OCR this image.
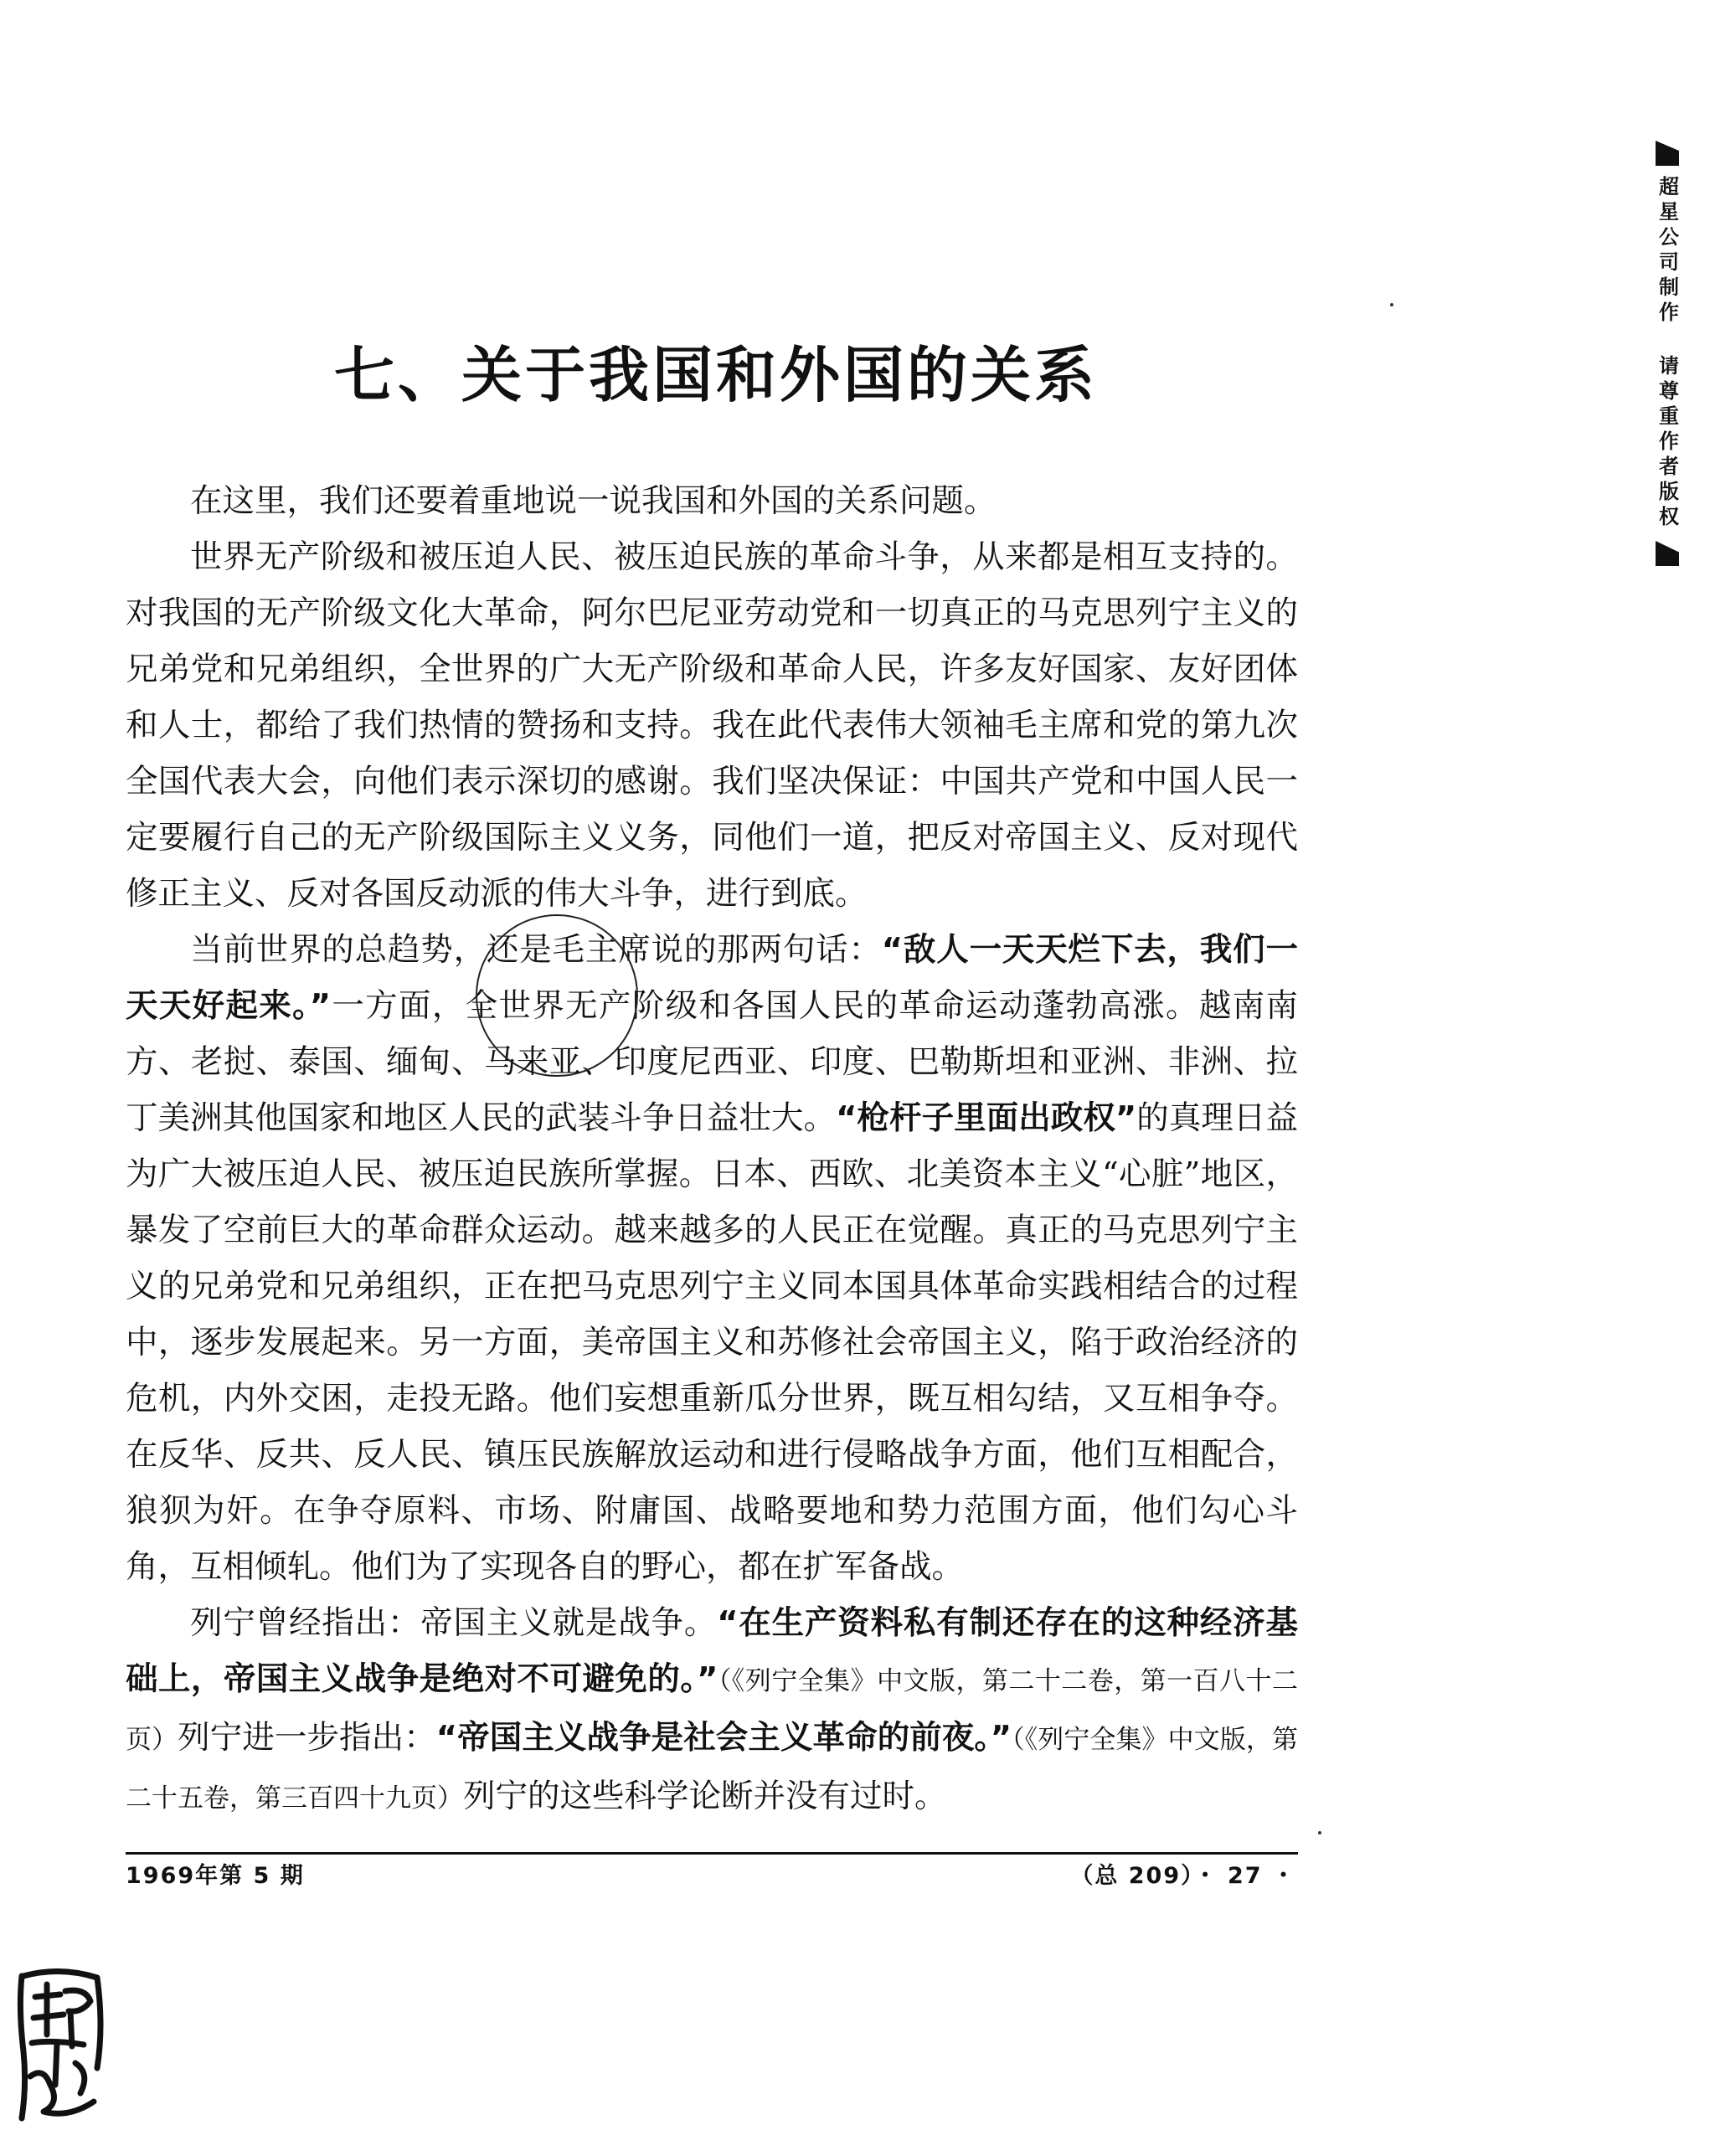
七、关于我国和外国的关系

在这里，我们还要着重地说一说我国和外国的关系问题。

世界无产阶级和被压迫人民、被压迫民族的革命斗争，从来都是相互支持的。对我国的无产阶级文化大革命，阿尔巴尼亚劳动党和一切真正的马克思列宁主义的兄弟党和兄弟组织，全世界的广大无产阶级和革命人民，许多友好国家、友好团体和人士，都给了我们热情的赞扬和支持。我在此代表伟大领袖毛主席和党的第九次全国代表大会，向他们表示深切的感谢。我们坚决保证：中国共产党和中国人民一定要履行自己的无产阶级国际主义义务，同他们一道，把反对帝国主义、反对现代修正主义、反对各国反动派的伟大斗争，进行到底。

当前世界的总趋势，还是毛主席说的那两句话：“敌人一天天烂下去，我们一天天好起来。”一方面，全世界无产阶级和各国人民的革命运动蓬勃高涨。越南南方、老挝、泰国、缅甸、马来亚、印度尼西亚、印度、巴勒斯坦和亚洲、非洲、拉丁美洲其他国家和地区人民的武装斗争日益壮大。“枪杆子里面出政权”的真理日益为广大被压迫人民、被压迫民族所掌握。日本、西欧、北美资本主义“心脏”地区，暴发了空前巨大的革命群众运动。越来越多的人民正在觉醒。真正的马克思列宁主义的兄弟党和兄弟组织，正在把马克思列宁主义同本国具体革命实践相结合的过程中，逐步发展起来。另一方面，美帝国主义和苏修社会帝国主义，陷于政治经济的危机，内外交困，走投无路。他们妄想重新瓜分世界，既互相勾结，又互相争夺。在反华、反共、反人民、镇压民族解放运动和进行侵略战争方面，他们互相配合，狼狈为奸。在争夺原料、市场、附庸国、战略要地和势力范围方面，他们勾心斗角，互相倾轧。他们为了实现各自的野心，都在扩军备战。

列宁曾经指出：帝国主义就是战争。“在生产资料私有制还存在的这种经济基础上，帝国主义战争是绝对不可避免的。”（《列宁全集》中文版，第二十二卷，第一百八十二页）列宁进一步指出：“帝国主义战争是社会主义革命的前夜。”（《列宁全集》中文版，第二十五卷，第三百四十九页）列宁的这些科学论断并没有过时。

1969年第 5 期	（总 209）・ 27 ・
超星公司制作 请尊重作者版权
